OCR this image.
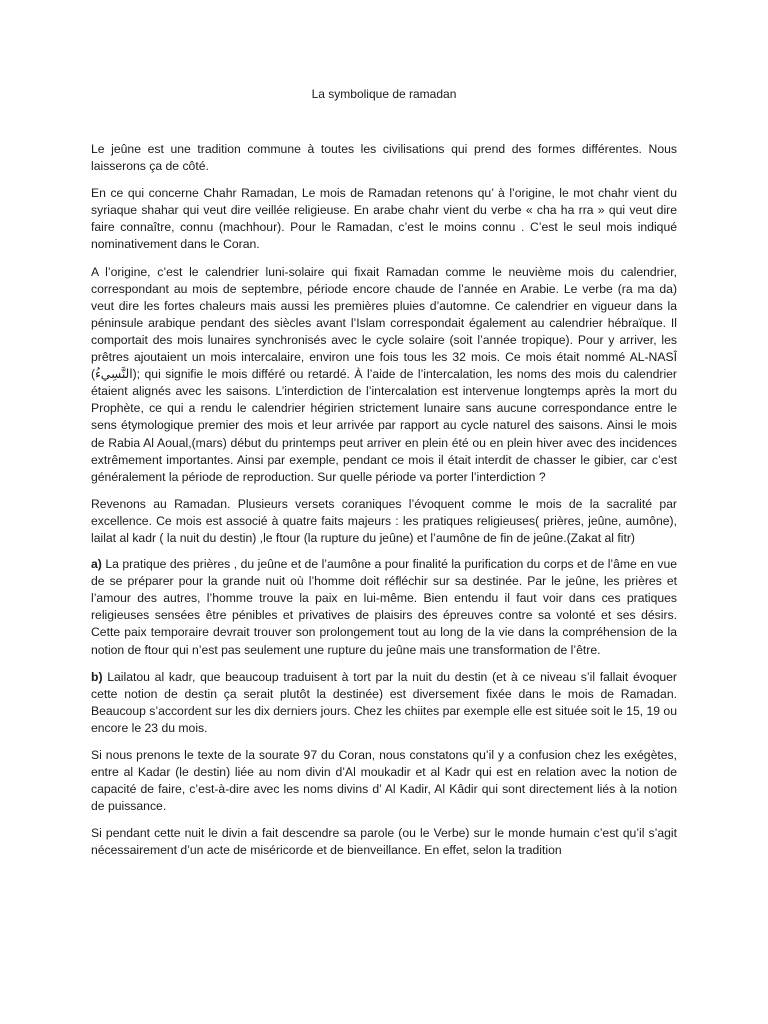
La symbolique de ramadan

Le jeûne est une tradition commune à toutes les civilisations qui prend des formes différentes. Nous laisserons ça de côté.

En ce qui concerne Chahr Ramadan, Le mois de Ramadan retenons qu’ à l’origine, le mot chahr vient du syriaque shahar qui veut dire veillée religieuse. En arabe chahr vient du verbe « cha ha rra » qui veut dire faire connaître, connu (machhour). Pour le Ramadan, c’est le moins connu . C’est le seul mois indiqué nominativement dans le Coran.

A l’origine, c’est le calendrier luni-solaire qui fixait Ramadan comme le neuvième mois du calendrier, correspondant au mois de septembre, période encore chaude de l’année en Arabie. Le verbe (ra ma da) veut dire les fortes chaleurs mais aussi les premières pluies d’automne. Ce calendrier en vigueur dans la péninsule arabique pendant des siècles avant l’Islam correspondait également au calendrier hébraïque. Il comportait des mois lunaires synchronisés avec le cycle solaire (soit l’année tropique). Pour y arriver, les prêtres ajoutaient un mois intercalaire, environ une fois tous les 32 mois. Ce mois était nommé AL-NASÎ (النَّسِيءُ); qui signifie le mois différé ou retardé. À l’aide de l’intercalation, les noms des mois du calendrier étaient alignés avec les saisons. L’interdiction de l’intercalation est intervenue longtemps après la mort du Prophète, ce qui a rendu le calendrier hégirien strictement lunaire sans aucune correspondance entre le sens étymologique premier des mois et leur arrivée par rapport au cycle naturel des saisons. Ainsi le mois de Rabia Al Aoual,(mars) début du printemps peut arriver en plein été ou en plein hiver avec des incidences extrêmement importantes. Ainsi par exemple, pendant ce mois il était interdit de chasser le gibier, car c’est généralement la période de reproduction. Sur quelle période va porter l’interdiction ?

Revenons au Ramadan. Plusieurs versets coraniques l’évoquent comme le mois de la sacralité par excellence. Ce mois est associé à quatre faits majeurs : les pratiques religieuses( prières, jeûne, aumône), lailat al kadr ( la nuit du destin) ,le ftour (la rupture du jeûne) et l’aumône de fin de jeûne.(Zakat al fitr)

a) La pratique des prières , du jeûne et de l’aumône a pour finalité la purification du corps et de l’âme en vue de se préparer pour la grande nuit où l’homme doit réfléchir sur sa destinée. Par le jeûne, les prières et l’amour des autres, l’homme trouve la paix en lui-même. Bien entendu il faut voir dans ces pratiques religieuses sensées être pénibles et privatives de plaisirs des épreuves contre sa volonté et ses désirs. Cette paix temporaire devrait trouver son prolongement tout au long de la vie dans la compréhension de la notion de ftour qui n’est pas seulement une rupture du jeûne mais une transformation de l’être.

b) Lailatou al kadr, que beaucoup traduisent à tort par la nuit du destin (et à ce niveau s’il fallait évoquer cette notion de destin ça serait plutôt la destinée) est diversement fixée dans le mois de Ramadan. Beaucoup s’accordent sur les dix derniers jours. Chez les chiites par exemple elle est située soit le 15, 19 ou encore le 23 du mois.

Si nous prenons le texte de la sourate 97 du Coran, nous constatons qu’il y a confusion chez les exégètes, entre al Kadar (le destin) liée au nom divin d’Al moukadir et al Kadr qui est en relation avec la notion de capacité de faire, c’est-à-dire avec les noms divins d’ Al Kadir, Al Kâdir qui sont directement liés à la notion de puissance.

Si pendant cette nuit le divin a fait descendre sa parole (ou le Verbe) sur le monde humain c’est qu’il s’agit nécessairement d’un acte de miséricorde et de bienveillance. En effet, selon la tradition
